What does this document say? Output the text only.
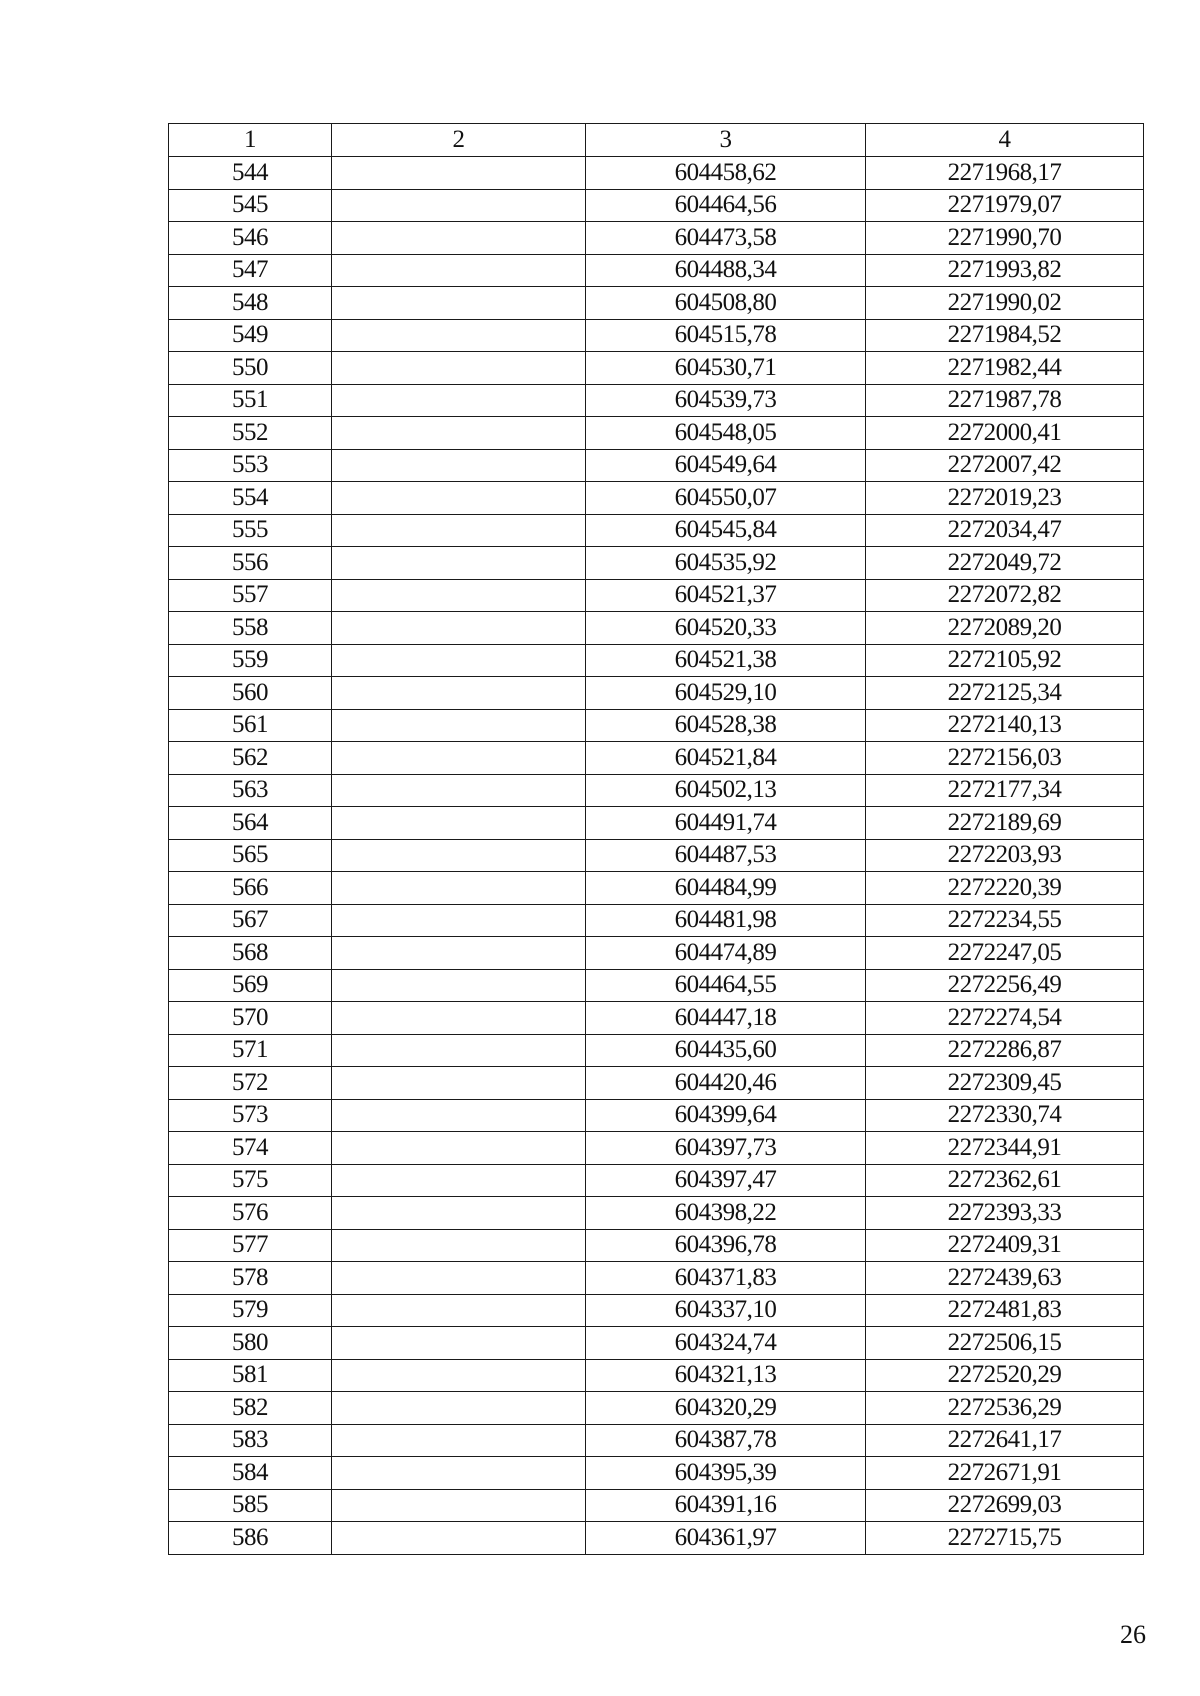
1	2	3	4
544		604458,62	2271968,17
545		604464,56	2271979,07
546		604473,58	2271990,70
547		604488,34	2271993,82
548		604508,80	2271990,02
549		604515,78	2271984,52
550		604530,71	2271982,44
551		604539,73	2271987,78
552		604548,05	2272000,41
553		604549,64	2272007,42
554		604550,07	2272019,23
555		604545,84	2272034,47
556		604535,92	2272049,72
557		604521,37	2272072,82
558		604520,33	2272089,20
559		604521,38	2272105,92
560		604529,10	2272125,34
561		604528,38	2272140,13
562		604521,84	2272156,03
563		604502,13	2272177,34
564		604491,74	2272189,69
565		604487,53	2272203,93
566		604484,99	2272220,39
567		604481,98	2272234,55
568		604474,89	2272247,05
569		604464,55	2272256,49
570		604447,18	2272274,54
571		604435,60	2272286,87
572		604420,46	2272309,45
573		604399,64	2272330,74
574		604397,73	2272344,91
575		604397,47	2272362,61
576		604398,22	2272393,33
577		604396,78	2272409,31
578		604371,83	2272439,63
579		604337,10	2272481,83
580		604324,74	2272506,15
581		604321,13	2272520,29
582		604320,29	2272536,29
583		604387,78	2272641,17
584		604395,39	2272671,91
585		604391,16	2272699,03
586		604361,97	2272715,75
26
